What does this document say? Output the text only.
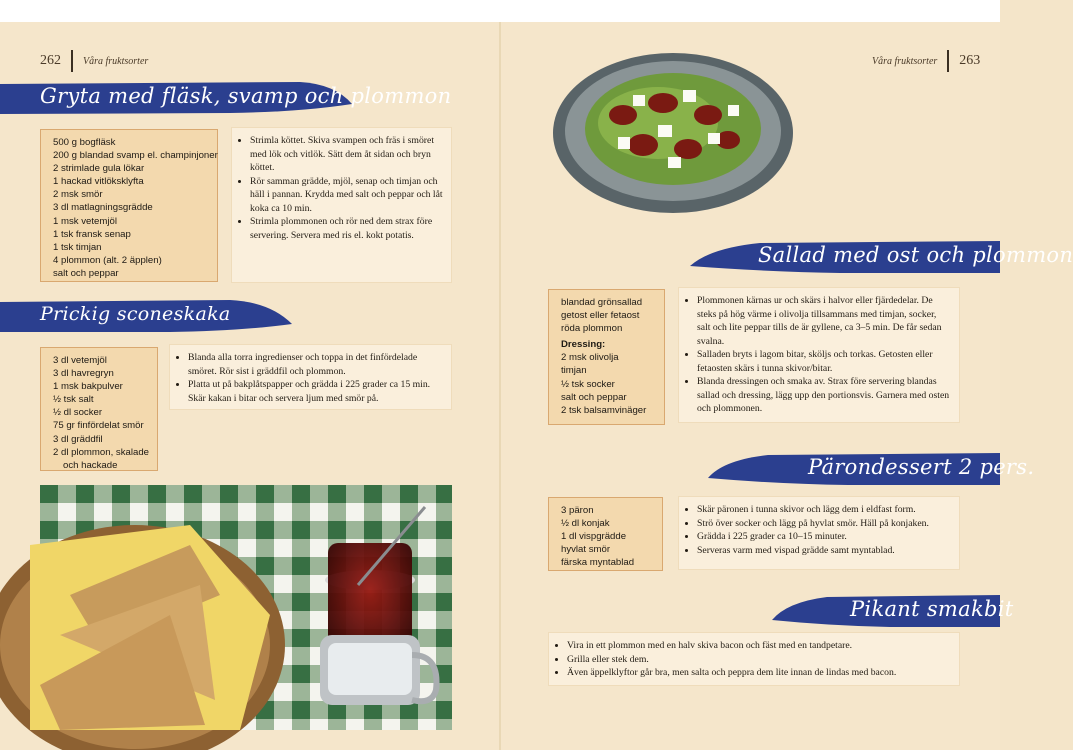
262 Våra fruktsorter	Våra fruktsorter 263
Gryta med fläsk, svamp och plommon
500 g bogfläsk
200 g blandad svamp el. champinjoner
2 strimlade gula lökar
1 hackad vitlöksklyfta
2 msk smör
3 dl matlagningsgrädde
1 msk vetemjöl
1 tsk fransk senap
1 tsk timjan
4 plommon (alt. 2 äpplen)
salt och peppar
• Strimla köttet. Skiva svampen och fräs i smöret med lök och vitlök. Sätt dem åt sidan och bryn köttet.
• Rör samman grädde, mjöl, senap och timjan och häll i pannan. Krydda med salt och peppar och låt koka ca 10 min.
• Strimla plommonen och rör ned dem strax före servering. Servera med ris el. kokt potatis.
Prickig sconeskaka
3 dl vetemjöl
3 dl havregryn
1 msk bakpulver
½ tsk salt
½ dl socker
75 gr finfördelat smör
3 dl gräddfil
2 dl plommon, skalade
och hackade
• Blanda alla torra ingredienser och toppa in det finfördelade smöret. Rör sist i gräddfil och plommon.
• Platta ut på bakplåtspapper och grädda i 225 grader ca 15 min. Skär kakan i bitar och servera ljum med smör på.
Sallad med ost och plommon
blandad grönsallad
getost eller fetaost
röda plommon
Dressing:
2 msk olivolja
timjan
½ tsk socker
salt och peppar
2 tsk balsamvinäger
• Plommonen kärnas ur och skärs i halvor eller fjärdedelar. De steks på hög värme i olivolja tillsammans med timjan, socker, salt och lite peppar tills de är gyllene, ca 3–5 min. De får sedan svalna.
• Salladen bryts i lagom bitar, sköljs och torkas. Getosten eller fetaosten skärs i tunna skivor/bitar.
• Blanda dressingen och smaka av. Strax före servering blandas sallad och dressing, lägg upp den portionsvis. Garnera med osten och plommonen.
Pärondessert 2 pers.
3 päron
½ dl konjak
1 dl vispgrädde
hyvlat smör
färska myntablad
• Skär päronen i tunna skivor och lägg dem i eldfast form.
• Strö över socker och lägg på hyvlat smör. Häll på konjaken.
• Grädda i 225 grader ca 10–15 minuter.
• Serveras varm med vispad grädde samt myntablad.
Pikant smakbit
• Vira in ett plommon med en halv skiva bacon och fäst med en tandpetare.
• Grilla eller stek dem.
• Även äppelklyftor går bra, men salta och peppra dem lite innan de lindas med bacon.
